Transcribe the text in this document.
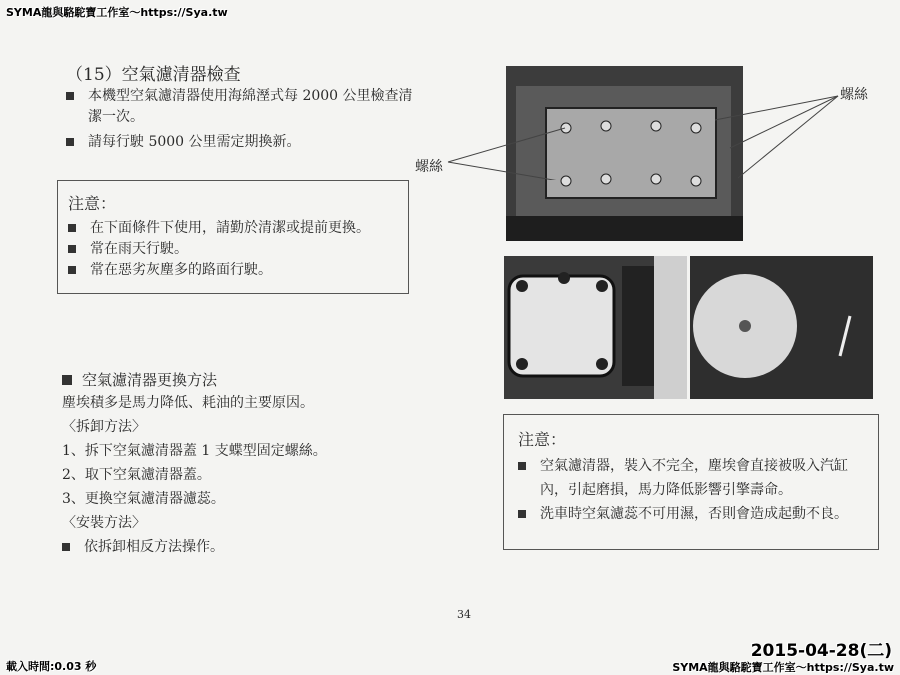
SYMA龍與駱駝寶工作室～https://Sya.tw
（15）空氣濾清器檢查
本機型空氣濾清器使用海綿溼式每 2000 公里檢查清潔一次。
請每行駛 5000 公里需定期換新。
注意：
在下面條件下使用，請勤於清潔或提前更換。
常在雨天行駛。
常在惡劣灰塵多的路面行駛。
空氣濾清器更換方法
塵埃積多是馬力降低、耗油的主要原因。
〈拆卸方法〉
1、拆下空氣濾清器蓋 1 支蝶型固定螺絲。
2、取下空氣濾清器蓋。
3、更換空氣濾清器濾蕊。
〈安裝方法〉
依拆卸相反方法操作。
螺絲
螺絲
注意：
空氣濾清器，裝入不完全，塵埃會直接被吸入汽缸內，引起磨損，馬力降低影響引擎壽命。
洗車時空氣濾蕊不可用濕，否則會造成起動不良。
34
載入時間:0.03 秒
2015-04-28(二)
SYMA龍與駱駝寶工作室～https://Sya.tw
